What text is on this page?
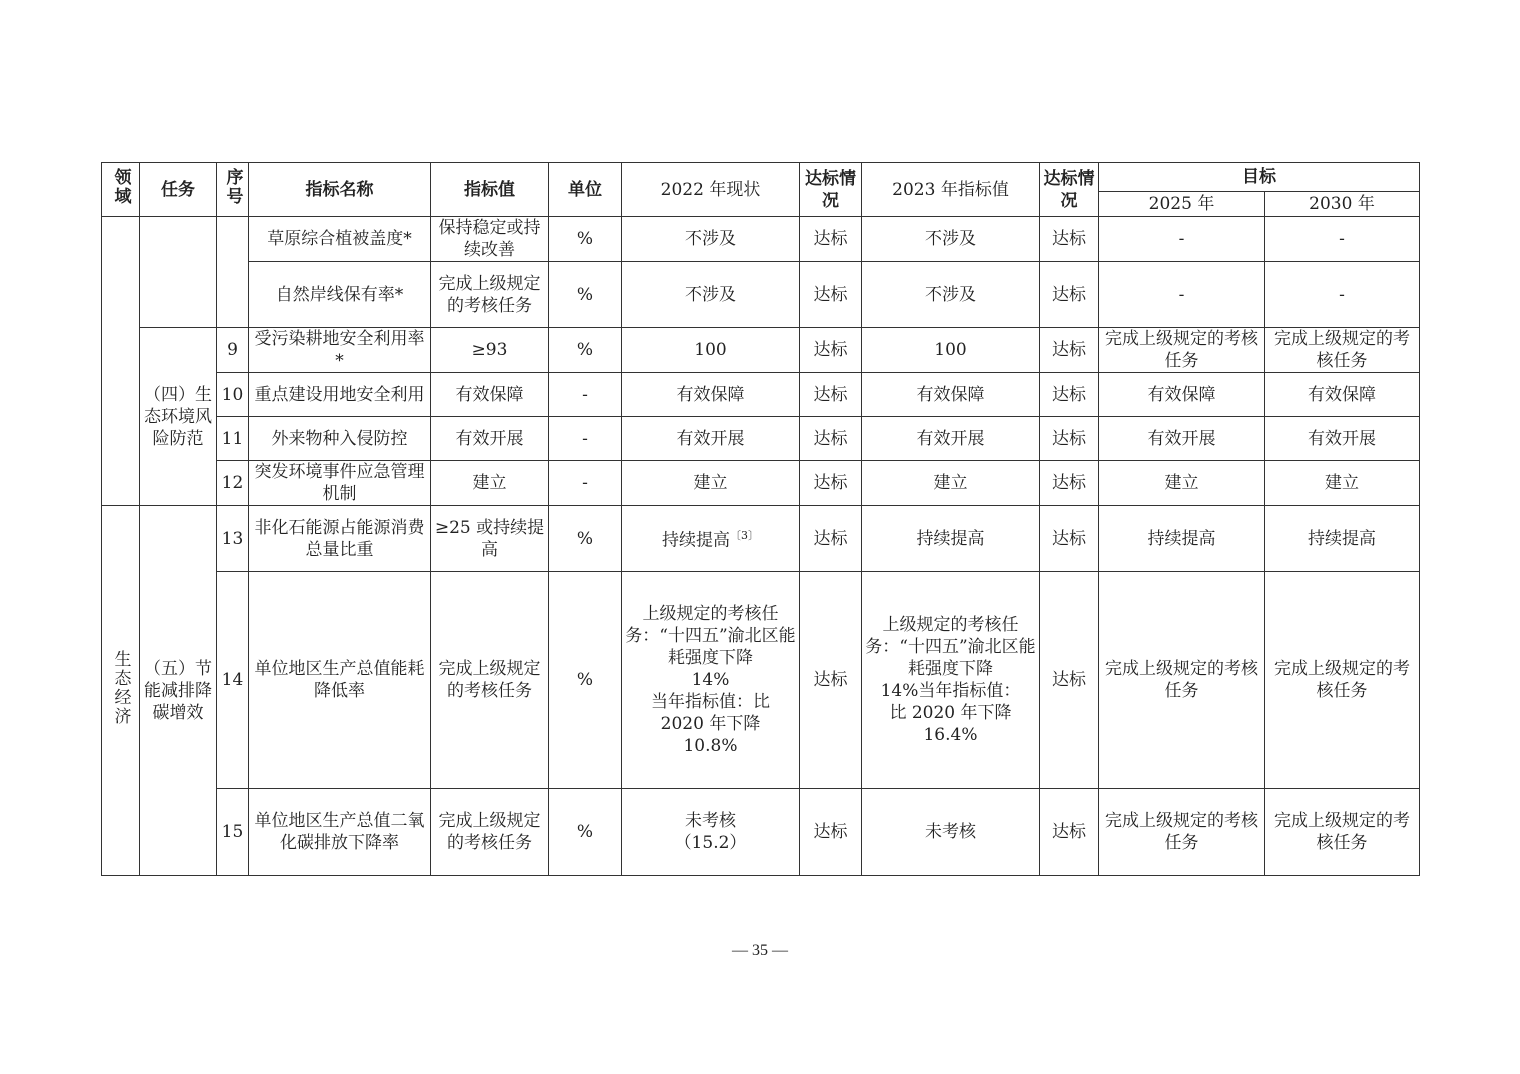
领域	任务	序号	指标名称	指标值	单位	2022 年现状	达标情况	2023 年指标值	达标情况	目标	
										2025 年	2030 年
			草原综合植被盖度*	保持稳定或持续改善	%	不涉及	达标	不涉及	达标	-	-
			自然岸线保有率*	完成上级规定的考核任务	%	不涉及	达标	不涉及	达标	-	-
	（四）生态环境风险防范	9	受污染耕地安全利用率*	≥93	%	100	达标	100	达标	完成上级规定的考核任务	完成上级规定的考核任务
		10	重点建设用地安全利用	有效保障	-	有效保障	达标	有效保障	达标	有效保障	有效保障
		11	外来物种入侵防控	有效开展	-	有效开展	达标	有效开展	达标	有效开展	有效开展
		12	突发环境事件应急管理机制	建立	-	建立	达标	建立	达标	建立	建立
生态经济	（五）节能减排降碳增效	13	非化石能源占能源消费总量比重	≥25 或持续提高	%	持续提高$^{〔3〕}$	达标	持续提高	达标	持续提高	持续提高
		14	单位地区生产总值能耗降低率	完成上级规定的考核任务	%	上级规定的考核任务：“十四五”渝北区能耗强度下降
14%
当年指标值：比
2020 年下降
10.8%	达标	上级规定的考核任务：“十四五”渝北区能耗强度下降
14%当年指标值：
比 2020 年下降
16.4%	达标	完成上级规定的考核任务	完成上级规定的考核任务
		15	单位地区生产总值二氧化碳排放下降率	完成上级规定的考核任务	%	未考核
（15.2）	达标	未考核	达标	完成上级规定的考核任务	完成上级规定的考核任务
— 35 —
